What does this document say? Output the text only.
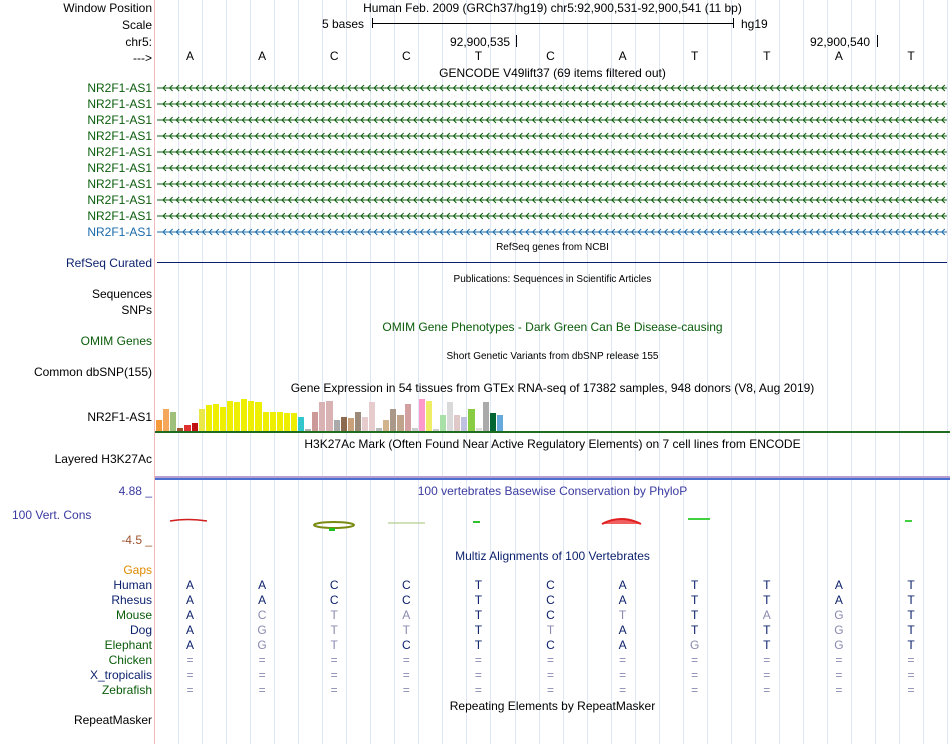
Window Position	Human Feb. 2009 (GRCh37/hg19) chr5:92,900,531-92,900,541 (11 bp)
Scale	5 bases	hg19
chr5:	92,900,535	92,900,540
--->	A	A	C	C	T	C	A	T	T	A	T
GENCODE V49lift37 (69 items filtered out)
NR2F1-AS1
NR2F1-AS1
NR2F1-AS1
NR2F1-AS1
NR2F1-AS1
NR2F1-AS1
NR2F1-AS1
NR2F1-AS1
NR2F1-AS1
NR2F1-AS1
RefSeq genes from NCBI
RefSeq Curated
Publications: Sequences in Scientific Articles
Sequences
SNPs
OMIM Gene Phenotypes - Dark Green Can Be Disease-causing
OMIM Genes
Short Genetic Variants from dbSNP release 155
Common dbSNP(155)
Gene Expression in 54 tissues from GTEx RNA-seq of 17382 samples, 948 donors (V8, Aug 2019)
NR2F1-AS1
H3K27Ac Mark (Often Found Near Active Regulatory Elements) on 7 cell lines from ENCODE
Layered H3K27Ac
4.88 _	100 vertebrates Basewise Conservation by PhyloP
100 Vert. Cons
-4.5 _
Multiz Alignments of 100 Vertebrates
Gaps
Human	A	A	C	C	T	C	A	T	T	A	T
Rhesus	A	A	C	C	T	C	A	T	T	A	T
Mouse	A	C	T	A	T	C	T	T	A	G	T
Dog	A	G	T	T	T	T	A	T	T	G	T
Elephant	A	G	T	C	T	C	A	G	T	G	T
Chicken	=	=	=	=	=	=	=	=	=	=	=
X_tropicalis	=	=	=	=	=	=	=	=	=	=	=
Zebrafish	=	=	=	=	=	=	=	=	=	=	=
Repeating Elements by RepeatMasker
RepeatMasker
